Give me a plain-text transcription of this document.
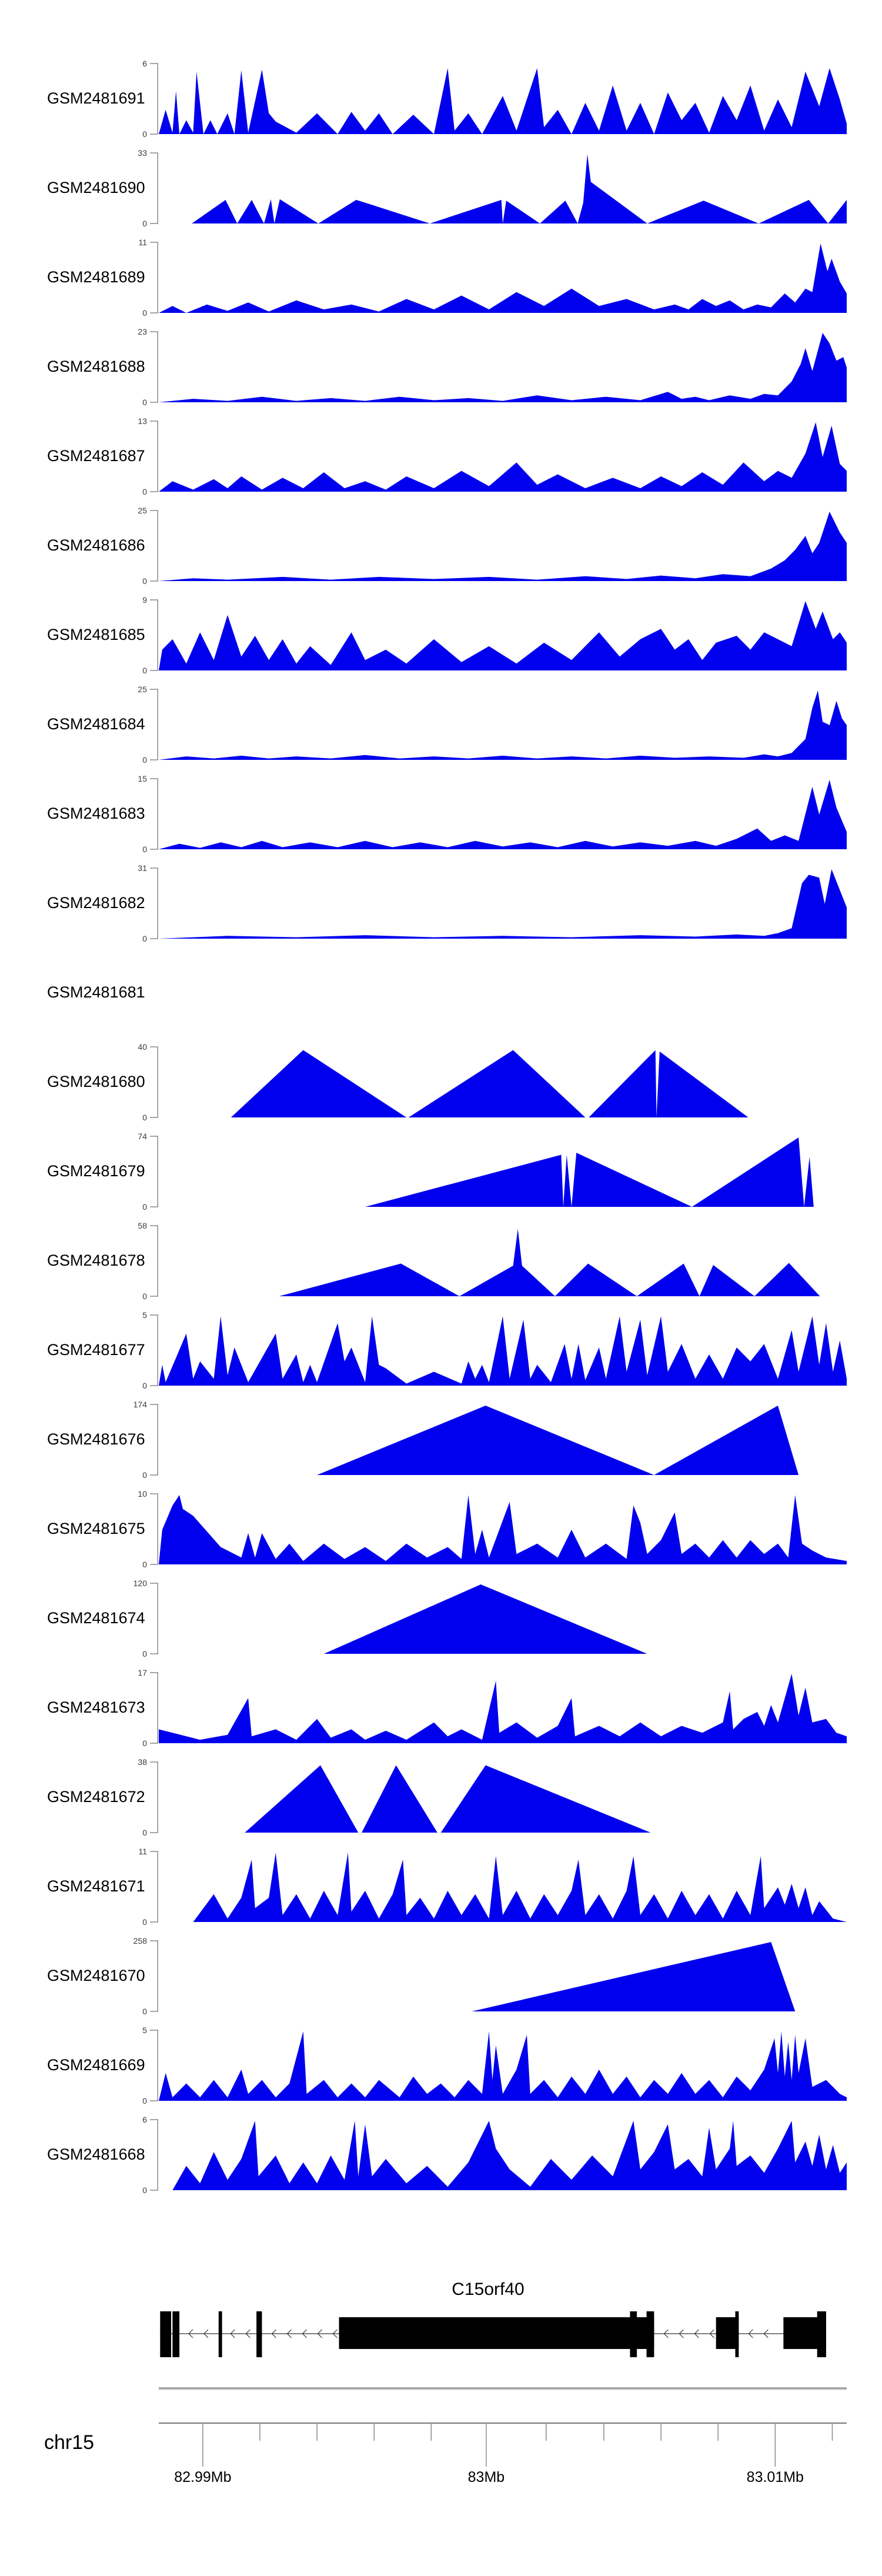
GSM2481691
6
0
GSM2481690
33
0
GSM2481689
11
0
GSM2481688
23
0
GSM2481687
13
0
GSM2481686
25
0
GSM2481685
9
0
GSM2481684
25
0
GSM2481683
15
0
GSM2481682
31
0
GSM2481681
GSM2481680
40
0
GSM2481679
74
0
GSM2481678
58
0
GSM2481677
5
0
GSM2481676
174
0
GSM2481675
10
0
GSM2481674
120
0
GSM2481673
17
0
GSM2481672
38
0
GSM2481671
11
0
GSM2481670
258
0
GSM2481669
5
0
GSM2481668
6
0
C15orf40
chr15
82.99Mb	83Mb	83.01Mb
